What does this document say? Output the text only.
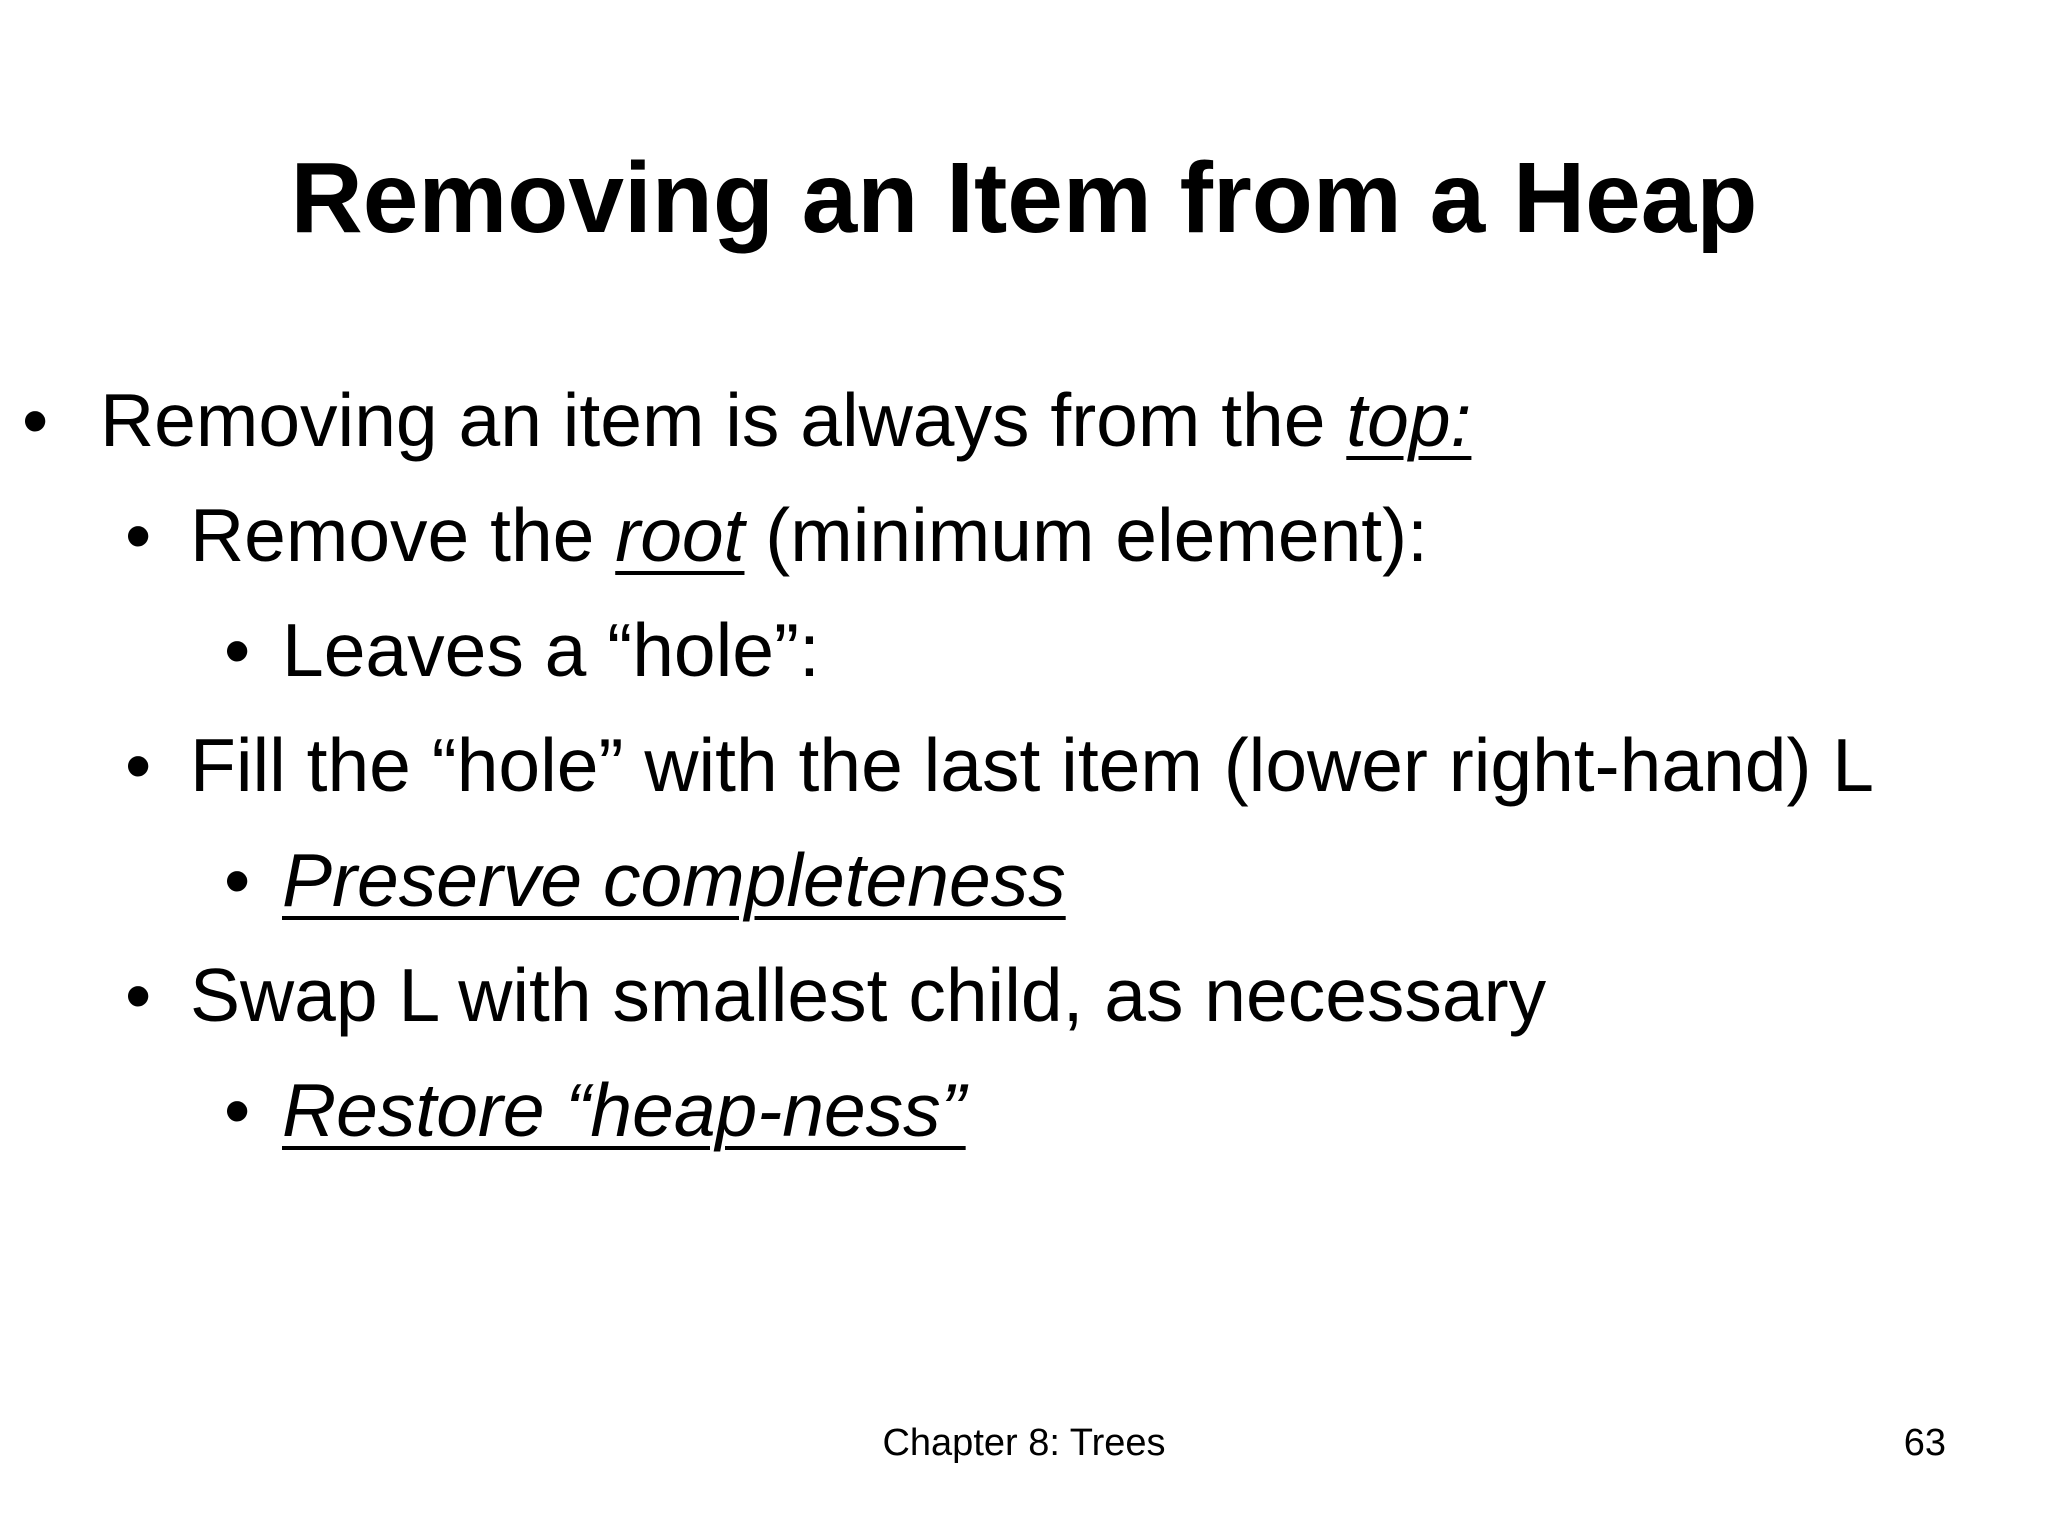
Removing an Item from a Heap
• Removing an item is always from the top:
• Remove the root (minimum element):
• Leaves a “hole”:
• Fill the “hole” with the last item (lower right-hand) L
• Preserve completeness
• Swap L with smallest child, as necessary
• Restore “heap-ness”
Chapter 8: Trees	63
